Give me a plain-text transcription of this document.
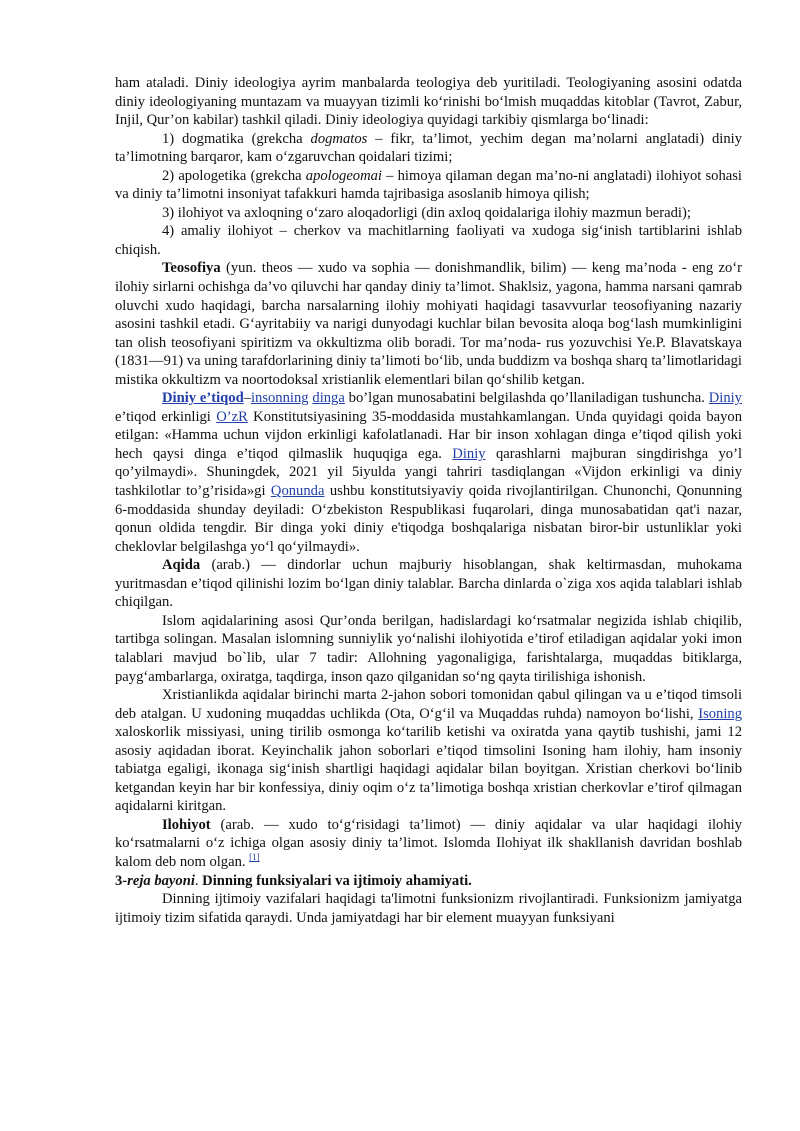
ham ataladi. Diniy ideologiya ayrim manbalarda teologiya deb yuritiladi. Teologiyaning asosini odatda diniy ideologiyaning muntazam va muayyan tizimli koʻrinishi boʻlmish muqaddas kitoblar (Tavrot, Zabur, Injil, Qur’on kabilar) tashkil qiladi. Diniy ideologiya quyidagi tarkibiy qismlarga boʻlinadi:

1) dogmatika (grekcha dogmatos – fikr, ta’limot, yechim degan ma’nolarni anglatadi) diniy ta’limotning barqaror, kam oʻzgaruvchan qoidalari tizimi;

2) apologetika (grekcha apologeomai – himoya qilaman degan ma’no-ni anglatadi) ilohiyot sohasi va diniy ta’limotni insoniyat tafakkuri hamda tajribasiga asoslanib himoya qilish;

3) ilohiyot va axloqning oʻzaro aloqadorligi (din axloq qoidalariga ilohiy mazmun beradi);

4) amaliy ilohiyot – cherkov va machitlarning faoliyati va xudoga sigʻinish tartiblarini ishlab chiqish.

Teosofiya (yun. theos — xudo va sophia — donishmandlik, bilim) — keng ma’noda - eng zoʻr ilohiy sirlarni ochishga da’vo qiluvchi har qanday diniy ta’limot. Shaklsiz, yagona, hamma narsani qamrab oluvchi xudo haqidagi, barcha narsalarning ilohiy mohiyati haqidagi tasavvurlar teosofiyaning nazariy asosini tashkil etadi. Gʻayritabiiy va narigi dunyodagi kuchlar bilan bevosita aloqa bogʻlash mumkinligini tan olish teosofiyani spiritizm va okkultizma olib boradi. Tor ma’noda- rus yozuvchisi Ye.P. Blavatskaya (1831—91) va uning tarafdorlarining diniy ta’limoti boʻlib, unda buddizm va boshqa sharq ta’limotlaridagi mistika okkultizm va noortodoksal xristianlik elementlari bilan qoʻshilib ketgan.

Diniy e’tiqod–insonning dinga bo’lgan munosabatini belgilashda qo’llaniladigan tushuncha. Diniy e’tiqod erkinligi O’zR Konstitutsiyasining 35-moddasida mustahkamlangan. Unda quyidagi qoida bayon etilgan: «Hamma uchun vijdon erkinligi kafolatlanadi. Har bir inson xohlagan dinga e’tiqod qilish yoki hech qaysi dinga e’tiqod qilmaslik huquqiga ega. Diniy qarashlarni majburan singdirishga yo’l qo’yilmaydi». Shuningdek, 2021 yil 5iyulda yangi tahriri tasdiqlangan «Vijdon erkinligi va diniy tashkilotlar to’g’risida»gi Qonunda ushbu konstitutsiyaviy qoida rivojlantirilgan. Chunonchi, Qonunning 6-moddasida shunday deyiladi: O‘zbekiston Respublikasi fuqarolari, dinga munosabatidan qat'i nazar, qonun oldida tengdir. Bir dinga yoki diniy e'tiqodga boshqalariga nisbatan biror-bir ustunliklar yoki cheklovlar belgilashga yo‘l qo‘yilmaydi».

Aqida (arab.) — dindorlar uchun majburiy hisoblangan, shak keltirmasdan, muhokama yuritmasdan e’tiqod qilinishi lozim boʻlgan diniy talablar. Barcha dinlarda o`ziga xos aqida talablari ishlab chiqilgan.

Islom aqidalarining asosi Qur’onda berilgan, hadislardagi koʻrsatmalar negizida ishlab chiqilib, tartibga solingan. Masalan islomning sunniylik yoʻnalishi ilohiyotida e’tirof etiladigan aqidalar yoki imon talablari mavjud bo`lib, ular 7 tadir: Allohning yagonaligiga, farishtalarga, muqaddas bitiklarga, paygʻambarlarga, oxiratga, taqdirga, inson qazo qilganidan soʻng qayta tirilishiga ishonish.

Xristianlikda aqidalar birinchi marta 2-jahon sobori tomonidan qabul qilingan va u e’tiqod timsoli deb atalgan. U xudoning muqaddas uchlikda (Ota, Oʻgʻil va Muqaddas ruhda) namoyon boʻlishi, Isoning xaloskorlik missiyasi, uning tirilib osmonga koʻtarilib ketishi va oxiratda yana qaytib tushishi, jami 12 asosiy aqidadan iborat. Keyinchalik jahon soborlari e’tiqod timsolini Isoning ham ilohiy, ham insoniy tabiatga egaligi, ikonaga sigʻinish shartligi haqidagi aqidalar bilan boyitgan. Xristian cherkovi boʻlinib ketgandan keyin har bir konfessiya, diniy oqim oʻz ta’limotiga boshqa xristian cherkovlar e’tirof qilmagan aqidalarni kiritgan.

Ilohiyot (arab. — xudo toʻgʻrisidagi ta’limot) — diniy aqidalar va ular haqidagi ilohiy koʻrsatmalarni oʻz ichiga olgan asosiy diniy ta’limot. Islomda Ilohiyat ilk shakllanish davridan boshlab kalom deb nom olgan. [1]

3-reja bayoni. Dinning funksiyalari va ijtimoiy ahamiyati.

Dinning ijtimoiy vazifalari haqidagi ta'limotni funksionizm rivojlantiradi. Funksionizm jamiyatga ijtimoiy tizim sifatida qaraydi. Unda jamiyatdagi har bir element muayyan funksiyani
